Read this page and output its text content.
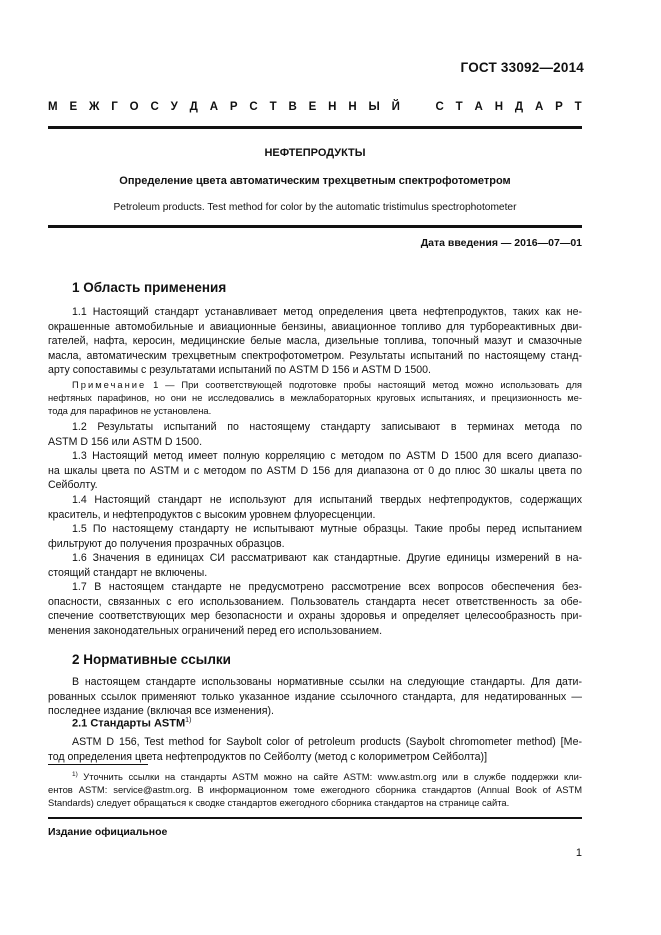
ГОСТ 33092—2014
М Е Ж Г О С У Д А Р С Т В Е Н Н Ы Й	С Т А Н Д А Р Т
НЕФТЕПРОДУКТЫ
Определение цвета автоматическим трехцветным спектрофотометром
Petroleum products. Test method for color by the automatic tristimulus spectrophotometer
Дата введения — 2016—07—01
1 Область применения
1.1 Настоящий стандарт устанавливает метод определения цвета нефтепродуктов, таких как не-
окрашенные автомобильные и авиационные бензины, авиационное топливо для турбореактивных дви-
гателей, нафта, керосин, медицинские белые масла, дизельные топлива, топочный мазут и смазочные
масла, автоматическим трехцветным спектрофотометром. Результаты испытаний по настоящему станд-
арту сопоставимы с результатами испытаний по ASTM D 156 и ASTM D 1500.
Примечание 1 — При соответствующей подготовке пробы настоящий метод можно использовать для
нефтяных парафинов, но они не исследовались в межлабораторных круговых испытаниях, и прецизионность ме-
тода для парафинов не установлена.
1.2 Результаты испытаний по настоящему стандарту записывают в терминах метода по
ASTM D 156 или ASTM D 1500.
1.3 Настоящий метод имеет полную корреляцию с методом по ASTM D 1500 для всего диапазо-
на шкалы цвета по ASTM и с методом по ASTM D 156 для диапазона от 0 до плюс 30 шкалы цвета по
Сейболту.
1.4 Настоящий стандарт не используют для испытаний твердых нефтепродуктов, содержащих
краситель, и нефтепродуктов с высоким уровнем флуоресценции.
1.5 По настоящему стандарту не испытывают мутные образцы. Такие пробы перед испытанием
фильтруют до получения прозрачных образцов.
1.6 Значения в единицах СИ рассматривают как стандартные. Другие единицы измерений в на-
стоящий стандарт не включены.
1.7 В настоящем стандарте не предусмотрено рассмотрение всех вопросов обеспечения без-
опасности, связанных с его использованием. Пользователь стандарта несет ответственность за обе-
спечение соответствующих мер безопасности и охраны здоровья и определяет целесообразность при-
менения законодательных ограничений перед его использованием.
2 Нормативные ссылки
В настоящем стандарте использованы нормативные ссылки на следующие стандарты. Для дати-
рованных ссылок применяют только указанное издание ссылочного стандарта, для недатированных —
последнее издание (включая все изменения).
2.1 Стандарты ASTM$^{1)}$
ASTM D 156, Test method for Saybolt color of petroleum products (Saybolt chromometer method) [Ме-
тод определения цвета нефтепродуктов по Сейболту (метод с колориметром Сейболта)]
$^{1)}$ Уточнить ссылки на стандарты ASTM можно на сайте ASTM: www.astm.org или в службе поддержки кли-
ентов ASTM: service@astm.org. В информационном томе ежегодного сборника стандартов (Annual Book of ASTM
Standards) следует обращаться к сводке стандартов ежегодного сборника стандартов на странице сайта.
Издание официальное
1
